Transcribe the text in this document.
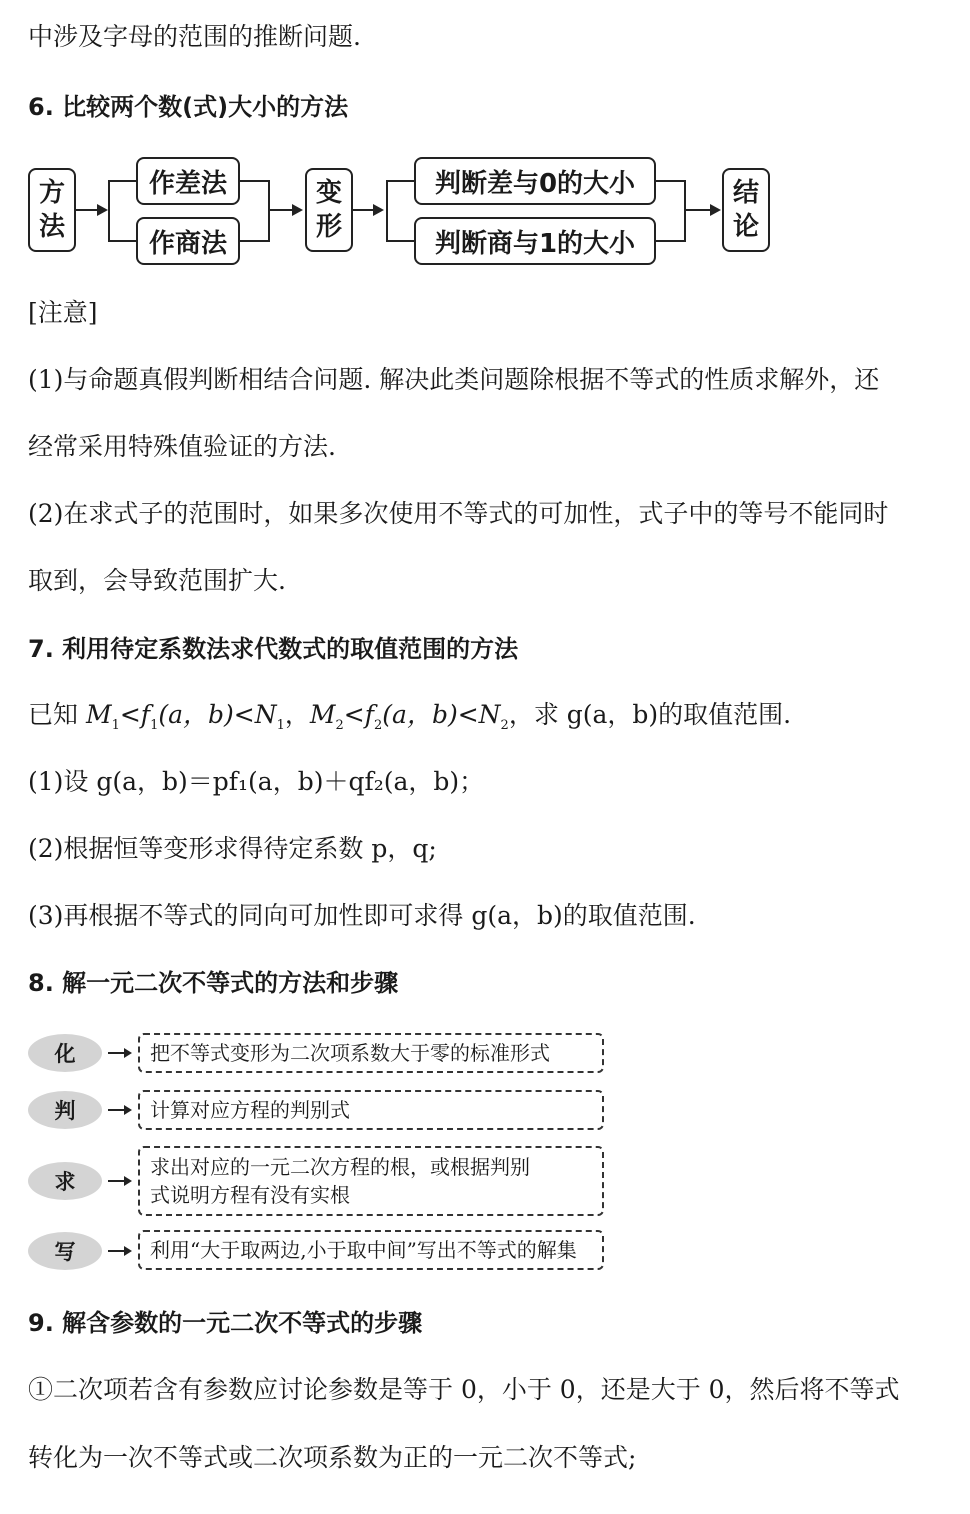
中涉及字母的范围的推断问题.
6. 比较两个数(式)大小的方法
方
法
作差法
作商法
变
形
判断差与0的大小
判断商与1的大小
结
论
[注意]
(1)与命题真假判断相结合问题. 解决此类问题除根据不等式的性质求解外，还
经常采用特殊值验证的方法.
(2)在求式子的范围时，如果多次使用不等式的可加性，式子中的等号不能同时
取到，会导致范围扩大.
7. 利用待定系数法求代数式的取值范围的方法
已知 $M_1<f_1(a$，$b)<N_1$，$M_2<f_2(a$，$b)<N_2$，求 g(a，b)的取值范围.
(1)设 g(a，b)＝pf₁(a，b)＋qf₂(a，b)；
(2)根据恒等变形求得待定系数 p，q;
(3)再根据不等式的同向可加性即可求得 g(a，b)的取值范围.
8. 解一元二次不等式的方法和步骤
化	把不等式变形为二次项系数大于零的标准形式
判	计算对应方程的判别式
求
求出对应的一元二次方程的根，或根据判别
式说明方程有没有实根
写	利用“大于取两边,小于取中间”写出不等式的解集
9. 解含参数的一元二次不等式的步骤
①二次项若含有参数应讨论参数是等于 0，小于 0，还是大于 0，然后将不等式
转化为一次不等式或二次项系数为正的一元二次不等式;
